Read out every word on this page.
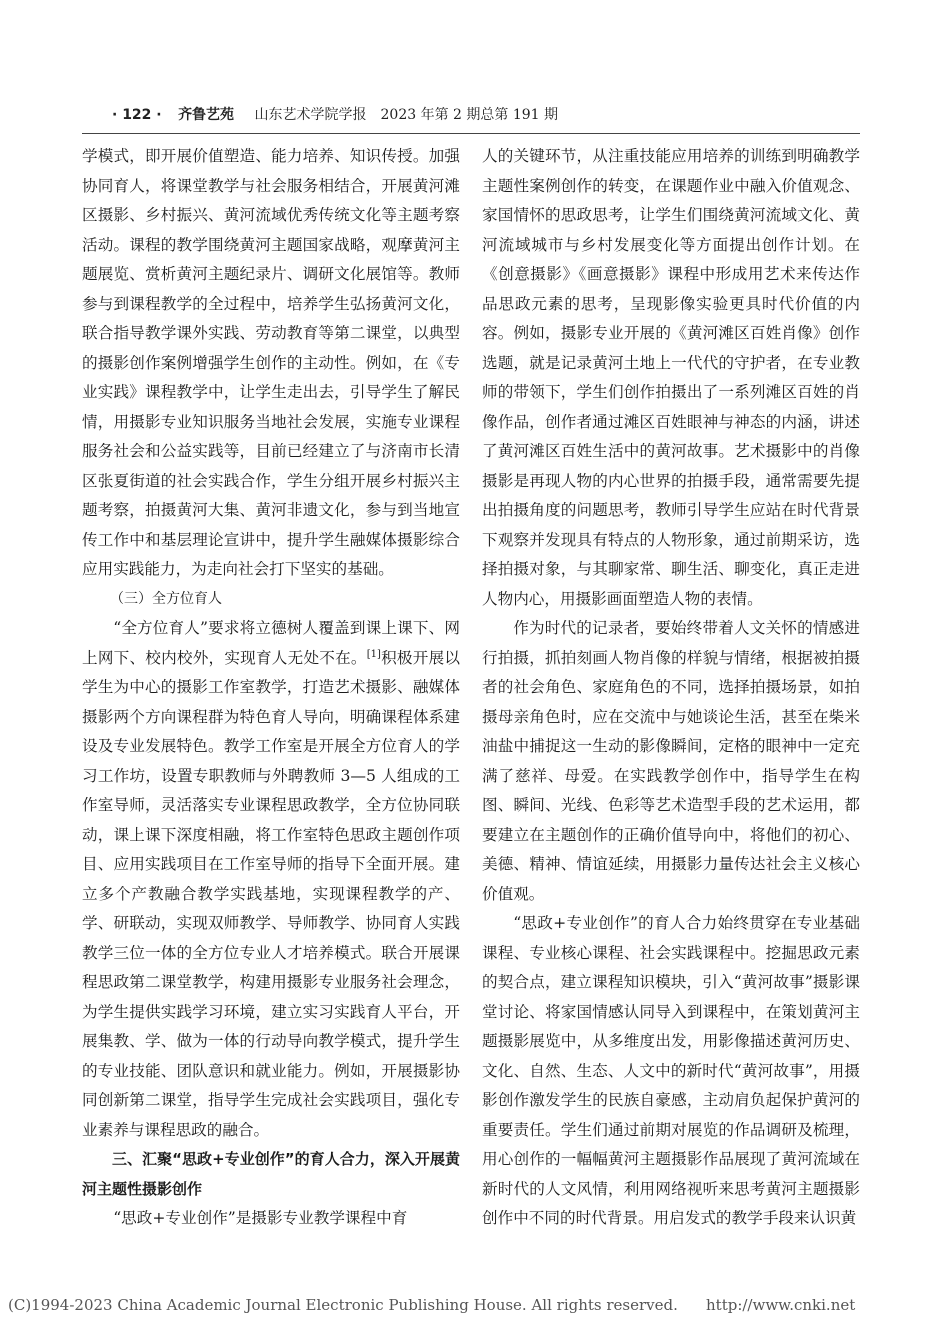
· 122 · 齐鲁艺苑 山东艺术学院学报　2023 年第 2 期总第 191 期

学模式，即开展价值塑造、能力培养、知识传授。加强协同育人，将课堂教学与社会服务相结合，开展黄河滩区摄影、乡村振兴、黄河流域优秀传统文化等主题考察活动。课程的教学围绕黄河主题国家战略，观摩黄河主题展览、赏析黄河主题纪录片、调研文化展馆等。教师参与到课程教学的全过程中，培养学生弘扬黄河文化，联合指导教学课外实践、劳动教育等第二课堂，以典型的摄影创作案例增强学生创作的主动性。例如，在《专业实践》课程教学中，让学生走出去，引导学生了解民情，用摄影专业知识服务当地社会发展，实施专业课程服务社会和公益实践等，目前已经建立了与济南市长清区张夏街道的社会实践合作，学生分组开展乡村振兴主题考察，拍摄黄河大集、黄河非遗文化，参与到当地宣传工作中和基层理论宣讲中，提升学生融媒体摄影综合应用实践能力，为走向社会打下坚实的基础。

（三）全方位育人

“全方位育人”要求将立德树人覆盖到课上课下、网上网下、校内校外，实现育人无处不在。[1]积极开展以学生为中心的摄影工作室教学，打造艺术摄影、融媒体摄影两个方向课程群为特色育人导向，明确课程体系建设及专业发展特色。教学工作室是开展全方位育人的学习工作坊，设置专职教师与外聘教师 3—5 人组成的工作室导师，灵活落实专业课程思政教学，全方位协同联动，课上课下深度相融，将工作室特色思政主题创作项目、应用实践项目在工作室导师的指导下全面开展。建立多个产教融合教学实践基地，实现课程教学的产、学、研联动，实现双师教学、导师教学、协同育人实践教学三位一体的全方位专业人才培养模式。联合开展课程思政第二课堂教学，构建用摄影专业服务社会理念，为学生提供实践学习环境，建立实习实践育人平台，开展集教、学、做为一体的行动导向教学模式，提升学生的专业技能、团队意识和就业能力。例如，开展摄影协同创新第二课堂，指导学生完成社会实践项目，强化专业素养与课程思政的融合。

三、汇聚“思政+专业创作”的育人合力，深入开展黄河主题性摄影创作

“思政+专业创作”是摄影专业教学课程中育

人的关键环节，从注重技能应用培养的训练到明确教学主题性案例创作的转变，在课题作业中融入价值观念、家国情怀的思政思考，让学生们围绕黄河流域文化、黄河流域城市与乡村发展变化等方面提出创作计划。在《创意摄影》《画意摄影》课程中形成用艺术来传达作品思政元素的思考，呈现影像实验更具时代价值的内容。例如，摄影专业开展的《黄河滩区百姓肖像》创作选题，就是记录黄河土地上一代代的守护者，在专业教师的带领下，学生们创作拍摄出了一系列滩区百姓的肖像作品，创作者通过滩区百姓眼神与神态的内涵，讲述了黄河滩区百姓生活中的黄河故事。艺术摄影中的肖像摄影是再现人物的内心世界的拍摄手段，通常需要先提出拍摄角度的问题思考，教师引导学生应站在时代背景下观察并发现具有特点的人物形象，通过前期采访，选择拍摄对象，与其聊家常、聊生活、聊变化，真正走进人物内心，用摄影画面塑造人物的表情。

作为时代的记录者，要始终带着人文关怀的情感进行拍摄，抓拍刻画人物肖像的样貌与情绪，根据被拍摄者的社会角色、家庭角色的不同，选择拍摄场景，如拍摄母亲角色时，应在交流中与她谈论生活，甚至在柴米油盐中捕捉这一生动的影像瞬间，定格的眼神中一定充满了慈祥、母爱。在实践教学创作中，指导学生在构图、瞬间、光线、色彩等艺术造型手段的艺术运用，都要建立在主题创作的正确价值导向中，将他们的初心、美德、精神、情谊延续，用摄影力量传达社会主义核心价值观。

“思政+专业创作”的育人合力始终贯穿在专业基础课程、专业核心课程、社会实践课程中。挖掘思政元素的契合点，建立课程知识模块，引入“黄河故事”摄影课堂讨论、将家国情感认同导入到课程中，在策划黄河主题摄影展览中，从多维度出发，用影像描述黄河历史、文化、自然、生态、人文中的新时代“黄河故事”，用摄影创作激发学生的民族自豪感，主动肩负起保护黄河的重要责任。学生们通过前期对展览的作品调研及梳理，用心创作的一幅幅黄河主题摄影作品展现了黄河流域在新时代的人文风情，利用网络视听来思考黄河主题摄影创作中不同的时代背景。用启发式的教学手段来认识黄

(C)1994-2023 China Academic Journal Electronic Publishing House. All rights reserved. http://www.cnki.net
